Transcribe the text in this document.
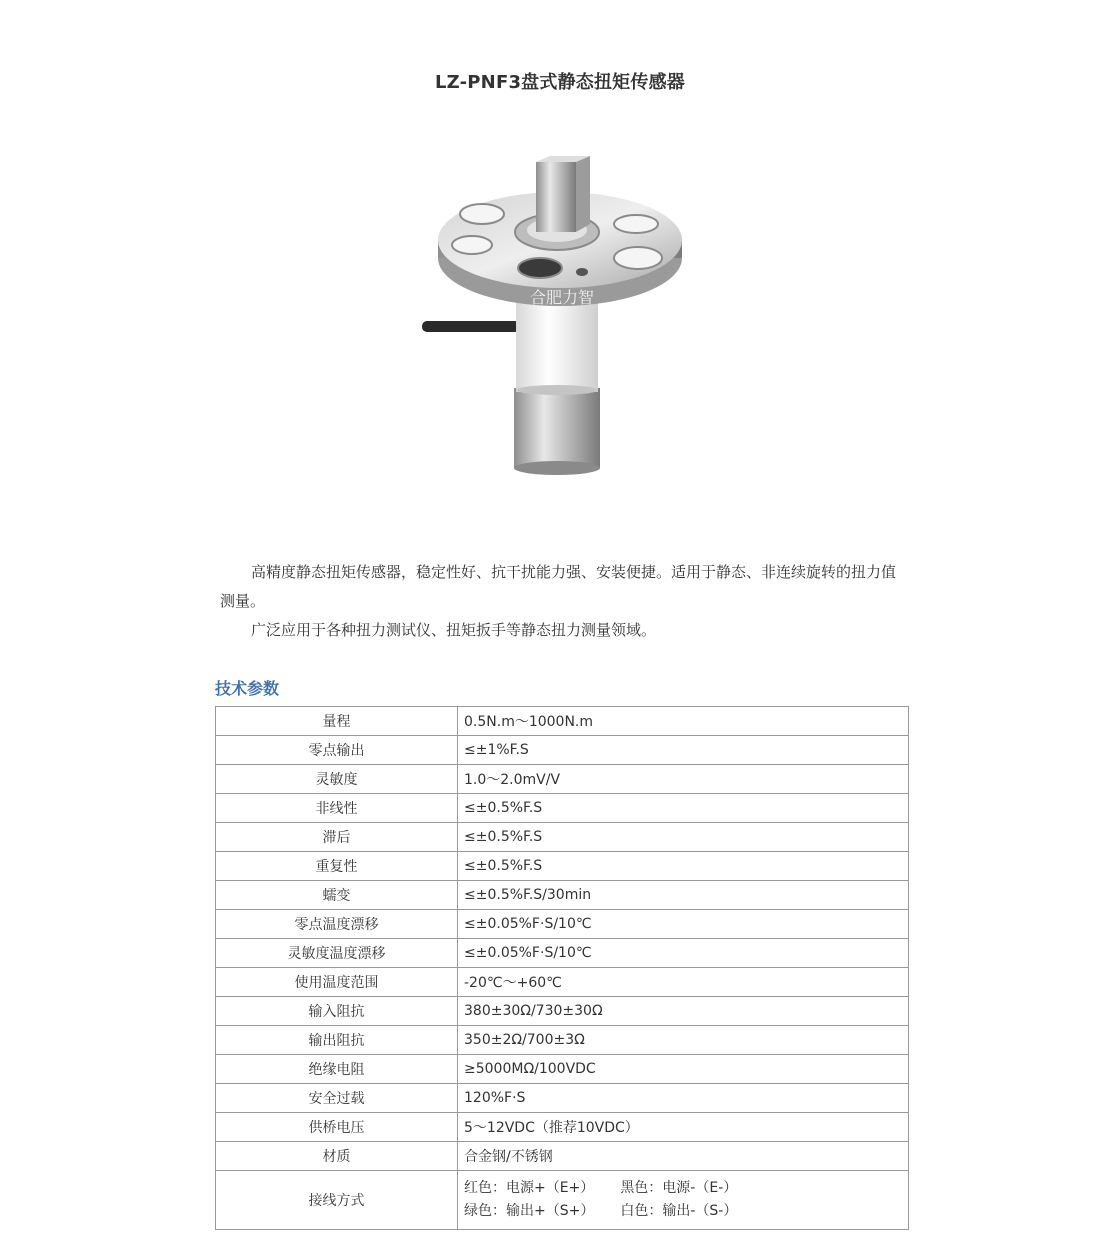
LZ-PNF3盘式静态扭矩传感器
合肥力智

高精度静态扭矩传感器，稳定性好、抗干扰能力强、安装便捷。适用于静态、非连续旋转的扭力值测量。

广泛应用于各种扭力测试仪、扭矩扳手等静态扭力测量领域。

技术参数
量程	0.5N.m～1000N.m
零点输出	≤±1%F.S
灵敏度	1.0～2.0mV/V
非线性	≤±0.5%F.S
滞后	≤±0.5%F.S
重复性	≤±0.5%F.S
蠕变	≤±0.5%F.S/30min
零点温度漂移	≤±0.05%F·S/10℃
灵敏度温度漂移	≤±0.05%F·S/10℃
使用温度范围	-20℃～+60℃
输入阻抗	380±30Ω/730±30Ω
输出阻抗	350±2Ω/700±3Ω
绝缘电阻	≥5000MΩ/100VDC
安全过载	120%F·S
供桥电压	5～12VDC（推荐10VDC）
材质	合金钢/不锈钢
接线方式	红色：电源+（E+） 黑色：电源-（E-）
绿色：输出+（S+） 白色：输出-（S-）
